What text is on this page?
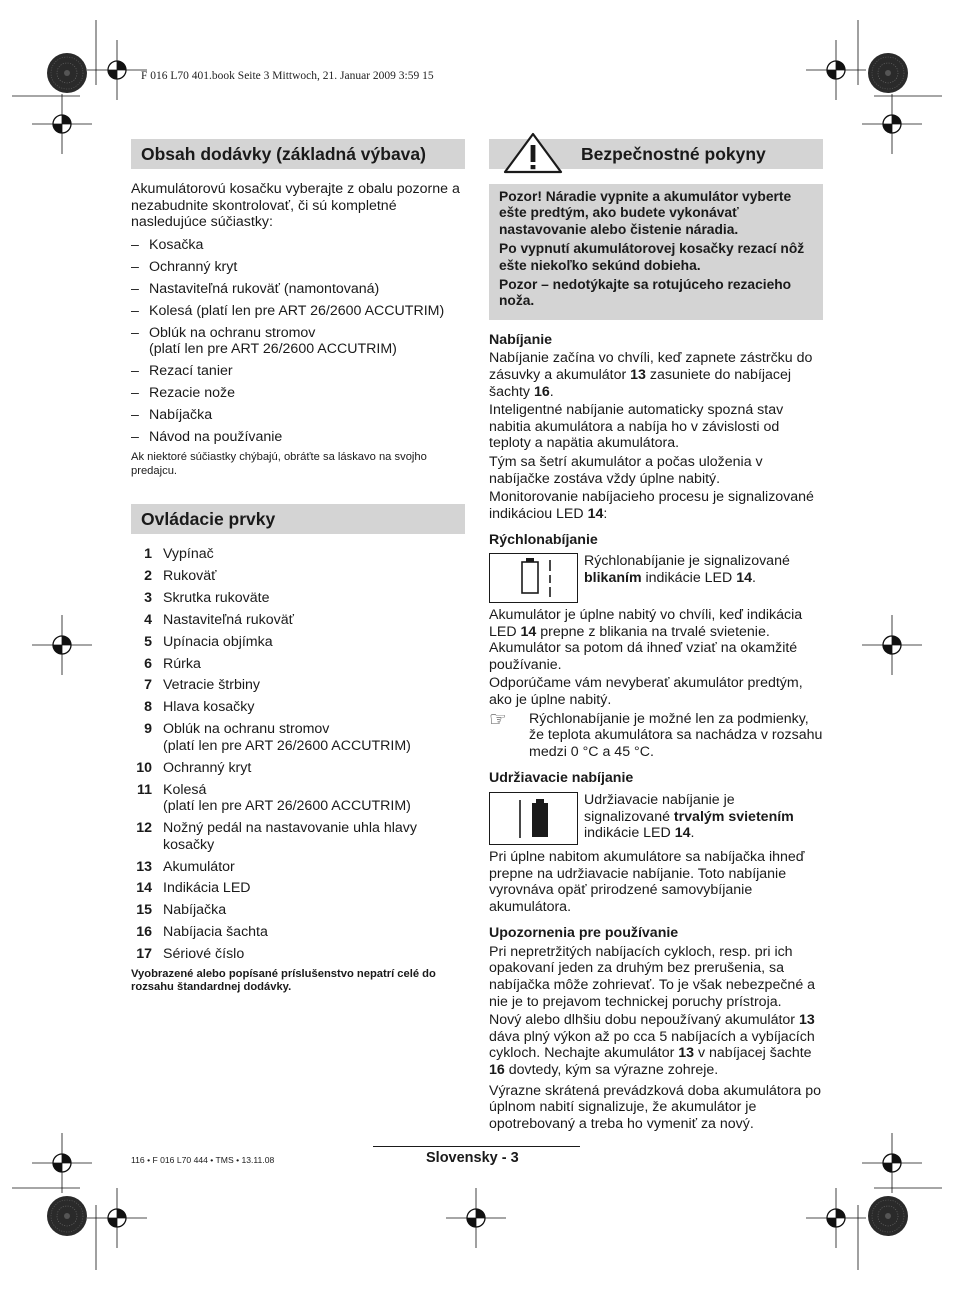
F 016 L70 401.book Seite 3 Mittwoch, 21. Januar 2009 3:59 15
Obsah dodávky (základná výbava)

Akumulátorovú kosačku vyberajte z obalu pozorne a nezabudnite skontrolovať, či sú kompletné nasledujúce súčiastky:

– Kosačka
– Ochranný kryt
– Nastaviteľná rukoväť (namontovaná)
– Kolesá (platí len pre ART 26/2600 ACCUTRIM)
– Oblúk na ochranu stromov
(platí len pre ART 26/2600 ACCUTRIM)
– Rezací tanier
– Rezacie nože
– Nabíjačka
– Návod na používanie

Ak niektoré súčiastky chýbajú, obráťte sa láskavo na svojho predajcu.

Ovládacie prvky
1 Vypínač
2 Rukoväť
3 Skrutka rukoväte
4 Nastaviteľná rukoväť
5 Upínacia objímka
6 Rúrka
7 Vetracie štrbiny
8 Hlava kosačky
9 Oblúk na ochranu stromov
(platí len pre ART 26/2600 ACCUTRIM)
10 Ochranný kryt
11 Kolesá
(platí len pre ART 26/2600 ACCUTRIM)
12 Nožný pedál na nastavovanie uhla hlavy kosačky
13 Akumulátor
14 Indikácia LED
15 Nabíjačka
16 Nabíjacia šachta
17 Sériové číslo

Vyobrazené alebo popísané príslušenstvo nepatrí celé do rozsahu štandardnej dodávky.

Bezpečnostné pokyny

Pozor! Náradie vypnite a akumulátor vyberte ešte predtým, ako budete vykonávať nastavovanie alebo čistenie náradia.

Po vypnutí akumulátorovej kosačky rezací nôž ešte niekoľko sekúnd dobieha.

Pozor – nedotýkajte sa rotujúceho rezacieho noža.

Nabíjanie

Nabíjanie začína vo chvíli, keď zapnete zástrčku do zásuvky a akumulátor 13 zasuniete do nabíjacej šachty 16.

Inteligentné nabíjanie automaticky spozná stav nabitia akumulátora a nabíja ho v závislosti od teploty a napätia akumulátora.

Tým sa šetrí akumulátor a počas uloženia v nabíjačke zostáva vždy úplne nabitý.

Monitorovanie nabíjacieho procesu je signalizované indikáciou LED 14:

Rýchlonabíjanie

Rýchlonabíjanie je signalizované blikaním indikácie LED 14.

Akumulátor je úplne nabitý vo chvíli, keď indikácia LED 14 prepne z blikania na trvalé svietenie. Akumulátor sa potom dá ihneď vziať na okamžité používanie.

Odporúčame vám nevyberať akumulátor predtým, ako je úplne nabitý.

☞	Rýchlonabíjanie je možné len za podmienky, že teplota akumulátora sa nachádza v rozsahu medzi 0 °C a 45 °C.

Udržiavacie nabíjanie

Udržiavacie nabíjanie je signalizované trvalým svietením indikácie LED 14.

Pri úplne nabitom akumulátore sa nabíjačka ihneď prepne na udržiavacie nabíjanie. Toto nabíjanie vyrovnáva opäť prirodzené samovybíjanie akumulátora.

Upozornenia pre používanie

Pri nepretržitých nabíjacích cykloch, resp. pri ich opakovaní jeden za druhým bez prerušenia, sa nabíjačka môže zohrievať. To je však nebezpečné a nie je to prejavom technickej poruchy prístroja.

Nový alebo dlhšiu dobu nepoužívaný akumulátor 13 dáva plný výkon až po cca 5 nabíjacích a vybíjacích cykloch. Nechajte akumulátor 13 v nabíjacej šachte 16 dovtedy, kým sa výrazne zohreje.

Výrazne skrátená prevádzková doba akumulátora po úplnom nabití signalizuje, že akumulátor je opotrebovaný a treba ho vymeniť za nový.

116 • F 016 L70 444 • TMS • 13.11.08	Slovensky - 3
